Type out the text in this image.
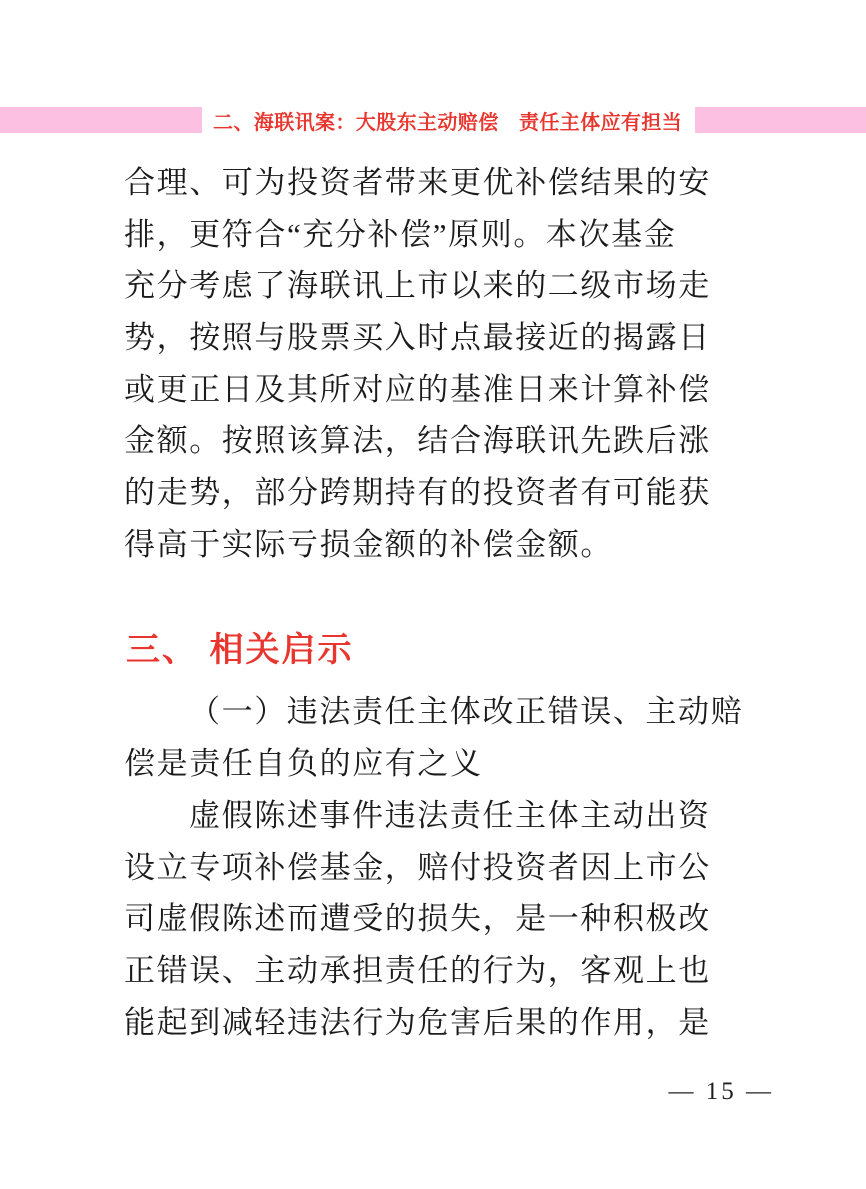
二、海联讯案：大股东主动赔偿　责任主体应有担当
合理、可为投资者带来更优补偿结果的安
排，更符合“充分补偿”原则。本次基金
充分考虑了海联讯上市以来的二级市场走
势，按照与股票买入时点最接近的揭露日
或更正日及其所对应的基准日来计算补偿
金额。按照该算法，结合海联讯先跌后涨
的走势，部分跨期持有的投资者有可能获
得高于实际亏损金额的补偿金额。
三、 相关启示
（一）违法责任主体改正错误、主动赔
偿是责任自负的应有之义
虚假陈述事件违法责任主体主动出资
设立专项补偿基金，赔付投资者因上市公
司虚假陈述而遭受的损失，是一种积极改
正错误、主动承担责任的行为，客观上也
能起到减轻违法行为危害后果的作用，是
— 15 —
